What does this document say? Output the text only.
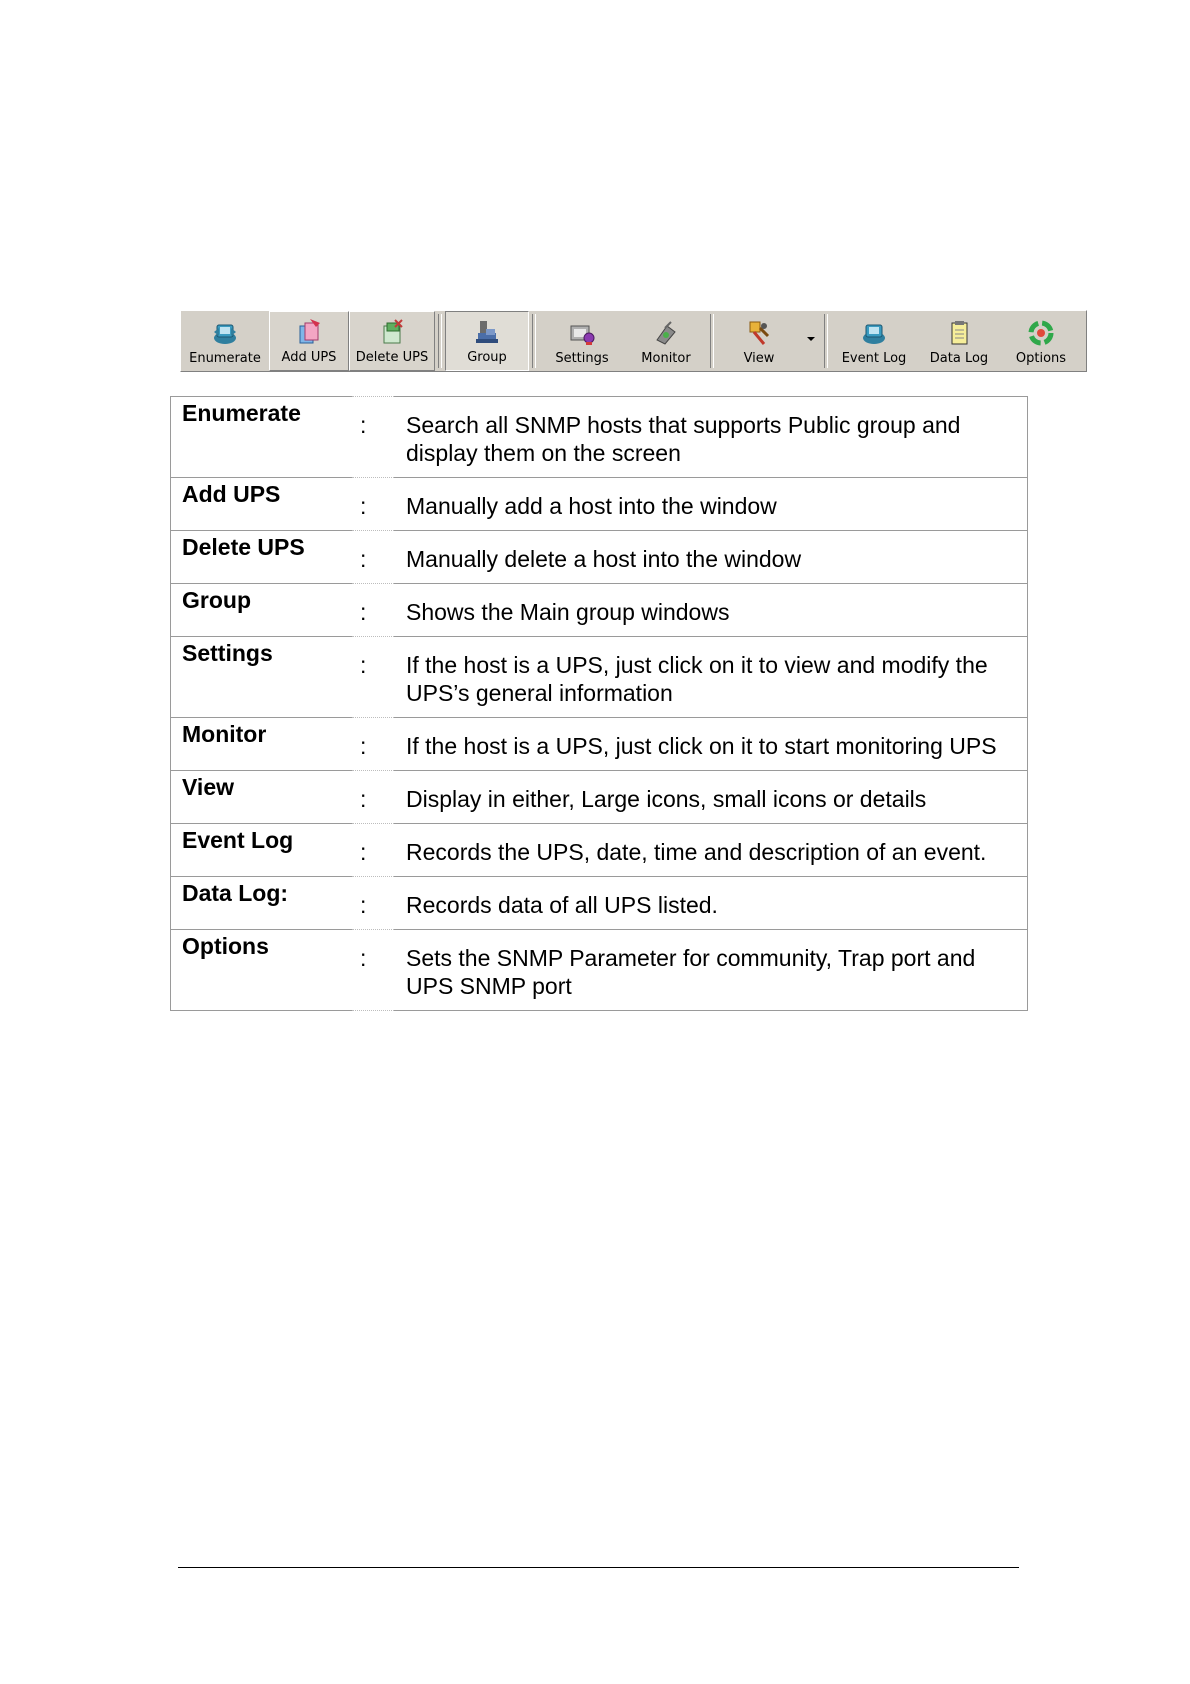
Enumerate Add UPS Delete UPS	Group	Settings	Monitor	View	Event Log Data Log Options
Enumerate	:	Search all SNMP hosts that supports Public group and display them on the screen
Add UPS	:	Manually add a host into the window
Delete UPS	:	Manually delete a host into the window
Group	:	Shows the Main group windows
Settings	:	If the host is a UPS, just click on it to view and modify the UPS’s general information
Monitor	:	If the host is a UPS, just click on it to start monitoring UPS
View	:	Display in either, Large icons, small icons or details
Event Log	:	Records the UPS, date, time and description of an event.
Data Log:	:	Records data of all UPS listed.
Options	:	Sets the SNMP Parameter for community, Trap port and UPS SNMP port
